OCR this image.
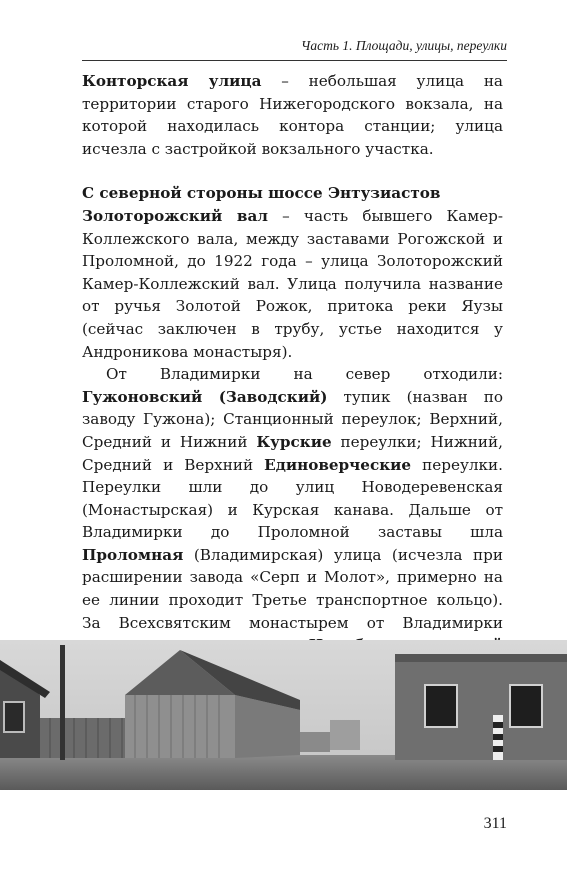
Часть 1. Площади, улицы, переулки

Конторская улица – небольшая улица на территории старого Нижегородского вокзала, на которой находилась контора станции; улица исчезла с застройкой вокзального участка.

С северной стороны шоссе Энтузиастов

Золоторожский вал – часть бывшего Камер-Коллежского вала, между заставами Рогожской и Проломной, до 1922 года – улица Золоторожский Камер-Коллежский вал. Улица получила название от ручья Золотой Рожок, притока реки Яузы (сейчас заключен в трубу, устье находится у Андроникова монастыря).

От Владимирки на север отходили: Гужоновский (Заводский) тупик (назван по заводу Гужона); Станционный переулок; Верхний, Средний и Нижний Курские переулки; Нижний, Средний и Верхний Единоверческие переулки. Переулки шли до улиц Новодеревенская (Монастырская) и Курская канава. Дальше от Владимирки до Проломной заставы шла Проломная (Владимирская) улица (исчезла при расширении завода «Серп и Молот», примерно на ее линии проходит Третье транспортное кольцо). За Всехсвятским монастырем от Владимирки

311
